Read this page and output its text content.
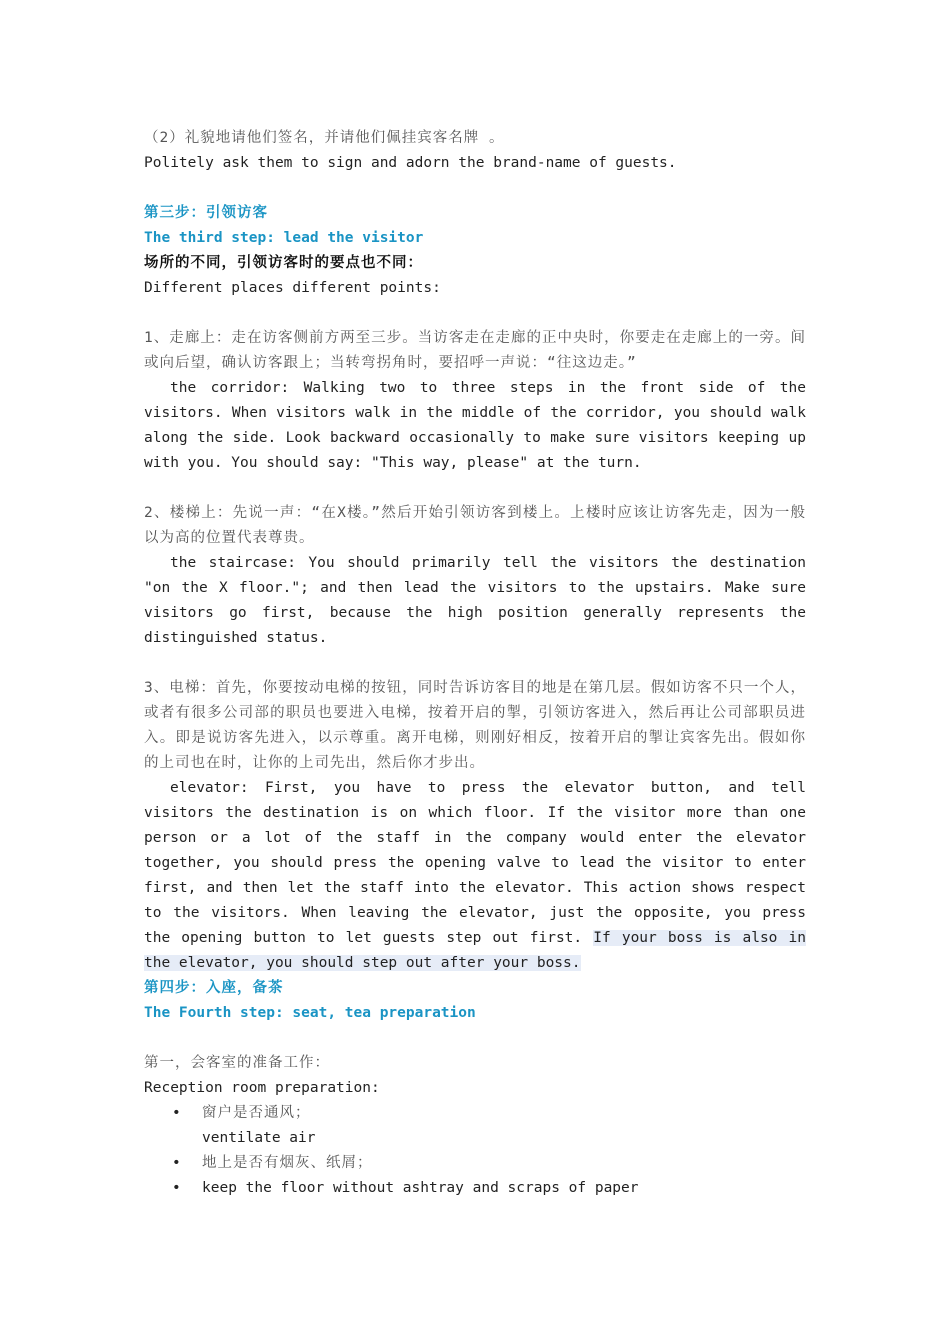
（2）礼貌地请他们签名，并请他们佩挂宾客名牌 。

Politely ask them to sign and adorn the brand-name of guests.

第三步：引领访客

The third step: lead the visitor

场所的不同，引领访客时的要点也不同：

Different places different points:

1、走廊上：走在访客侧前方两至三步。当访客走在走廊的正中央时，你要走在走廊上的一旁。间或向后望，确认访客跟上；当转弯拐角时，要招呼一声说：“往这边走。”

the corridor: Walking two to three steps in the front side of the visitors. When visitors walk in the middle of the corridor, you should walk along the side. Look backward occasionally to make sure visitors keeping up with you. You should say: "This way, please" at the turn.

2、楼梯上：先说一声：“在X楼。”然后开始引领访客到楼上。上楼时应该让访客先走，因为一般以为高的位置代表尊贵。

the staircase: You should primarily tell the visitors the destination "on the X floor."; and then lead the visitors to the upstairs. Make sure visitors go first, because the high position generally represents the distinguished status.

3、电梯：首先，你要按动电梯的按钮，同时告诉访客目的地是在第几层。假如访客不只一个人，或者有很多公司部的职员也要进入电梯，按着开启的掣，引领访客进入，然后再让公司部职员进入。即是说访客先进入，以示尊重。离开电梯，则刚好相反，按着开启的掣让宾客先出。假如你的上司也在时，让你的上司先出，然后你才步出。

elevator: First, you have to press the elevator button, and tell visitors the destination is on which floor. If the visitor more than one person or a lot of the staff in the company would enter the elevator together, you should press the opening valve to lead the visitor to enter first, and then let the staff into the elevator. This action shows respect to the visitors. When leaving the elevator, just the opposite, you press the opening button to let guests step out first. If your boss is also in the elevator, you should step out after your boss.

第四步：入座，备茶

The Fourth step: seat, tea preparation

第一，会客室的准备工作：

Reception room preparation:

• 窗户是否通风；
ventilate air
• 地上是否有烟灰、纸屑；
• keep the floor without ashtray and scraps of paper
